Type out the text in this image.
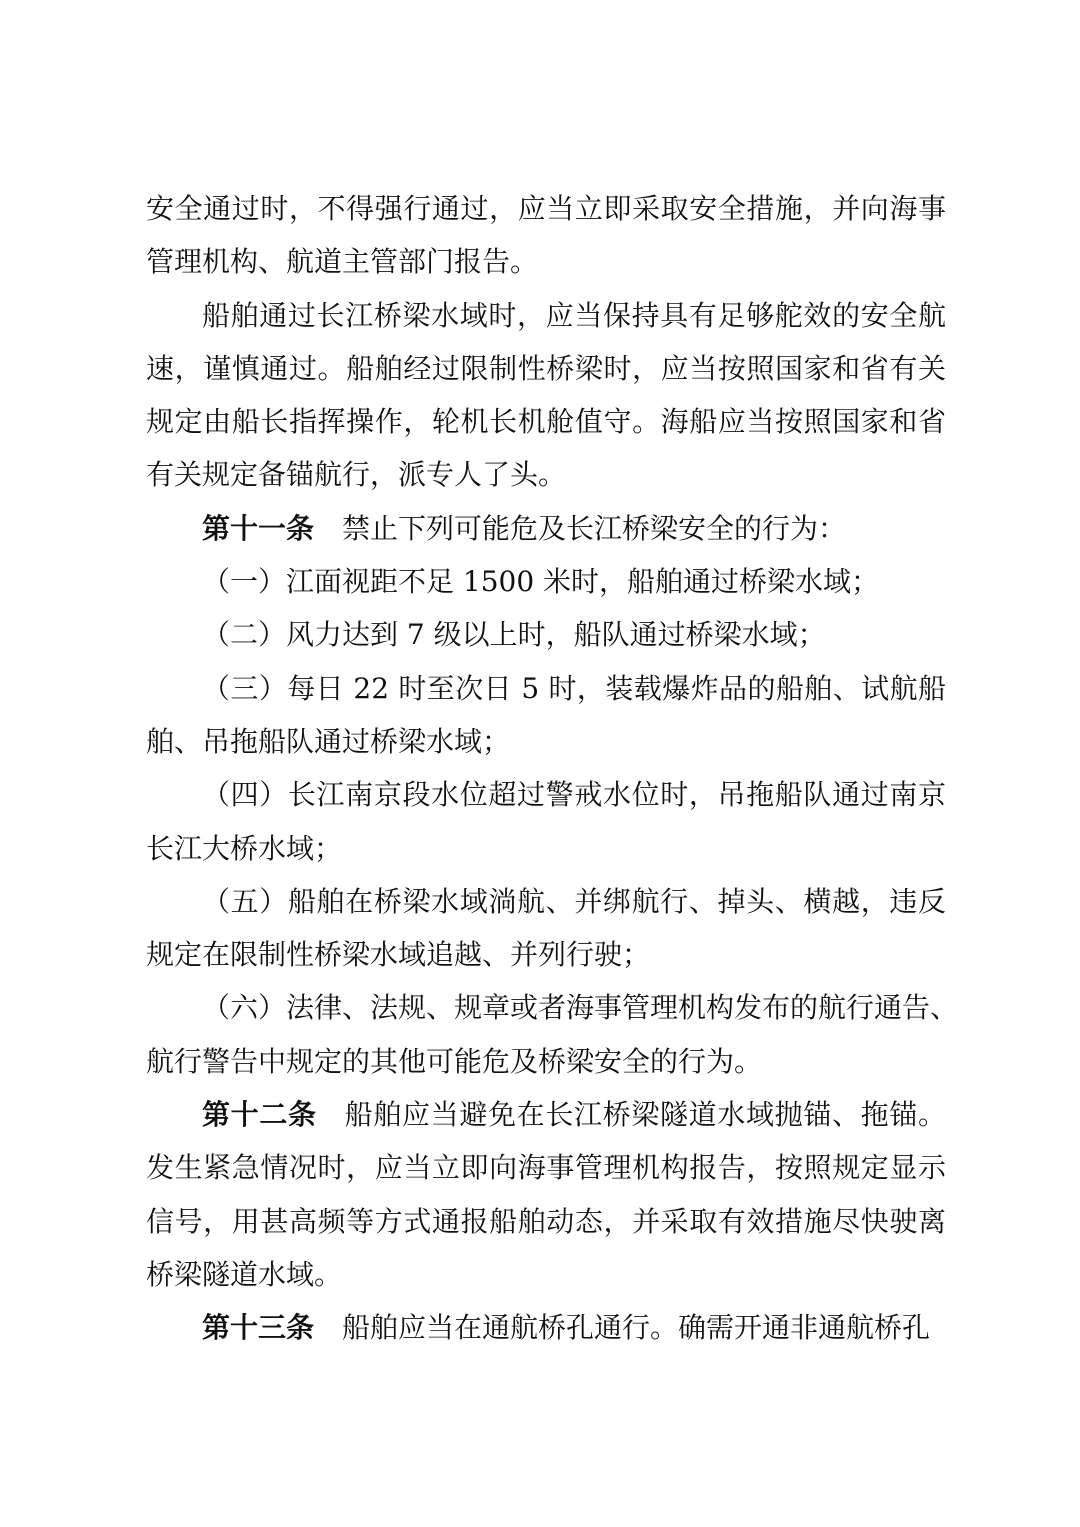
安全通过时，不得强行通过，应当立即采取安全措施，并向海事
管理机构、航道主管部门报告。
船舶通过长江桥梁水域时，应当保持具有足够舵效的安全航
速，谨慎通过。船舶经过限制性桥梁时，应当按照国家和省有关
规定由船长指挥操作，轮机长机舱值守。海船应当按照国家和省
有关规定备锚航行，派专人了头。
第十一条 禁止下列可能危及长江桥梁安全的行为：
（一）江面视距不足 1500 米时，船舶通过桥梁水域；
（二）风力达到 7 级以上时，船队通过桥梁水域；
（三）每日 22 时至次日 5 时，装载爆炸品的船舶、试航船
舶、吊拖船队通过桥梁水域；
（四）长江南京段水位超过警戒水位时，吊拖船队通过南京
长江大桥水域；
（五）船舶在桥梁水域淌航、并绑航行、掉头、横越，违反
规定在限制性桥梁水域追越、并列行驶；
（六）法律、法规、规章或者海事管理机构发布的航行通告、
航行警告中规定的其他可能危及桥梁安全的行为。
第十二条 船舶应当避免在长江桥梁隧道水域抛锚、拖锚。
发生紧急情况时，应当立即向海事管理机构报告，按照规定显示
信号，用甚高频等方式通报船舶动态，并采取有效措施尽快驶离
桥梁隧道水域。
第十三条 船舶应当在通航桥孔通行。确需开通非通航桥孔
